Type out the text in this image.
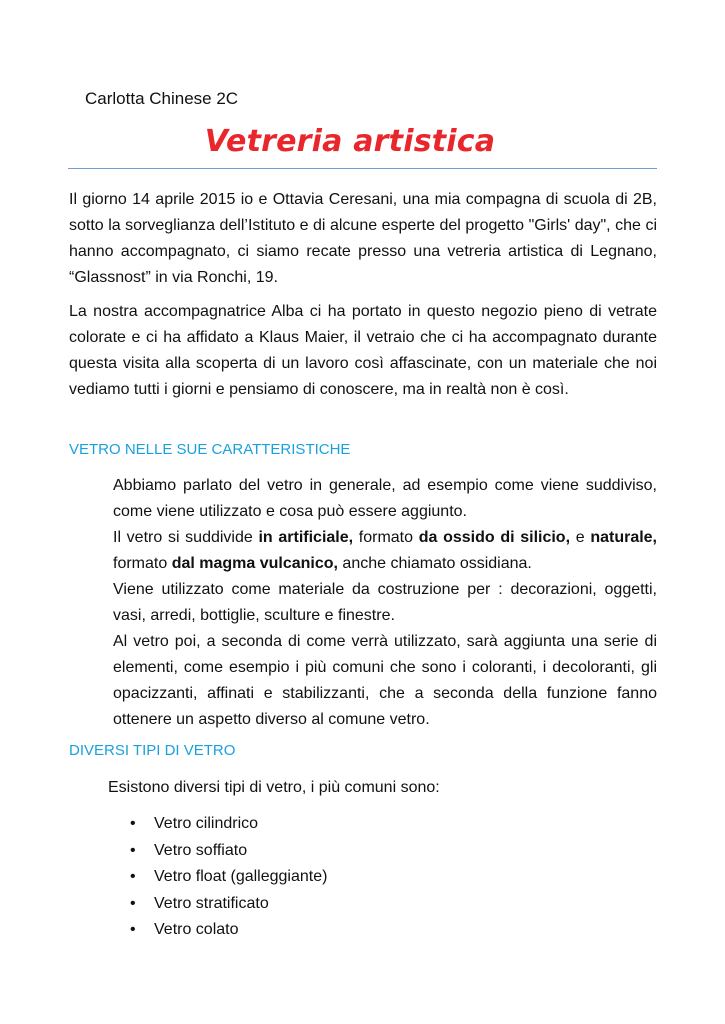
Carlotta Chinese 2C

Vetreria artistica

Il giorno 14 aprile 2015 io e Ottavia Ceresani, una mia compagna di scuola di 2B, sotto la sorveglianza dell’Istituto e di alcune esperte del progetto "Girls' day", che ci hanno accompagnato, ci siamo recate presso una vetreria artistica di Legnano, “Glassnost” in via Ronchi, 19.

La nostra accompagnatrice Alba ci ha portato in questo negozio pieno di vetrate colorate e ci ha affidato a Klaus Maier, il vetraio che ci ha accompagnato durante questa visita alla scoperta di un lavoro così affascinate, con un materiale che noi vediamo tutti i giorni e pensiamo di conoscere, ma in realtà non è così.

VETRO NELLE SUE CARATTERISTICHE

Abbiamo parlato del vetro in generale, ad esempio come viene suddiviso, come viene utilizzato e cosa può essere aggiunto.

Il vetro si suddivide in artificiale, formato da ossido di silicio, e naturale, formato dal magma vulcanico, anche chiamato ossidiana.

Viene utilizzato come materiale da costruzione per : decorazioni, oggetti, vasi, arredi, bottiglie, sculture e finestre.

Al vetro poi, a seconda di come verrà utilizzato, sarà aggiunta una serie di elementi, come esempio i più comuni che sono i coloranti, i decoloranti, gli opacizzanti, affinati e stabilizzanti, che a seconda della funzione fanno ottenere un aspetto diverso al comune vetro.

DIVERSI TIPI DI VETRO

Esistono diversi tipi di vetro, i più comuni sono:

• Vetro cilindrico
• Vetro soffiato
• Vetro float (galleggiante)
• Vetro stratificato
• Vetro colato
